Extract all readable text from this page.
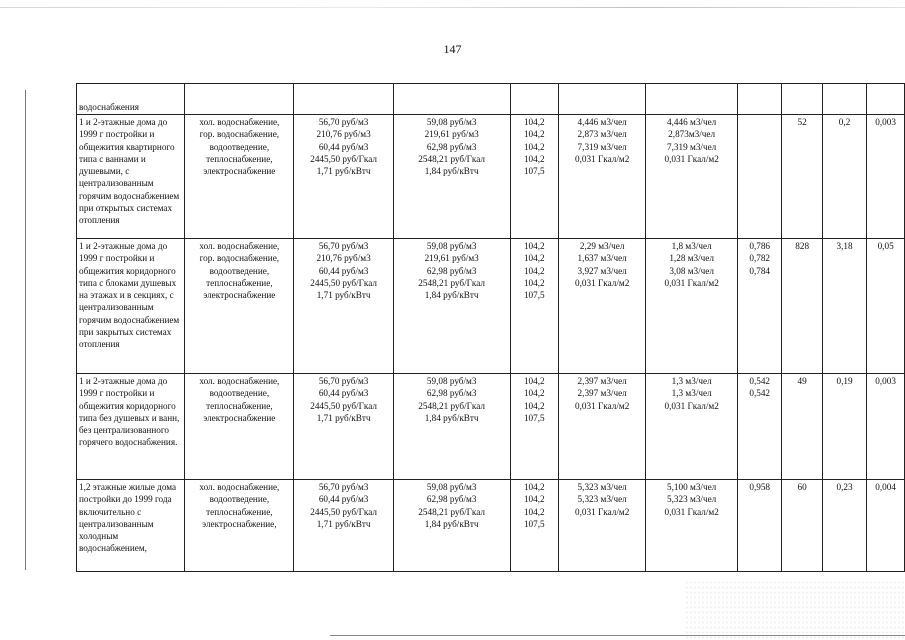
147
водоснабжения										
1 и 2-этажные дома до 1999 г постройки и общежития квартирного типа с ваннами и душевыми, с централизованным горячим водоснабжением при открытых системах отопления	хол. водоснабжение,
гор. водоснабжение,
водоотведение,
теплоснабжение,
электроснабжение	56,70 руб/м3
210,76 руб/м3
60,44 руб/м3
2445,50 руб/Гкал
1,71 руб/кВтч	59,08 руб/м3
219,61 руб/м3
62,98 руб/м3
2548,21 руб/Гкал
1,84 руб/кВтч	104,2
104,2
104,2
104,2
107,5	4,446 м3/чел
2,873 м3/чел
7,319 м3/чел
0,031 Гкал/м2	4,446 м3/чел
2,873м3/чел
7,319 м3/чел
0,031 Гкал/м2		52	0,2	0,003
1 и 2-этажные дома до 1999 г постройки и общежития коридорного типа с блоками душевых на этажах и в секциях, с централизованным горячим водоснабжением при закрытых системах отопления	хол. водоснабжение,
гор. водоснабжение,
водоотведение,
теплоснабжение,
электроснабжение	56,70 руб/м3
210,76 руб/м3
60,44 руб/м3
2445,50 руб/Гкал
1,71 руб/кВтч	59,08 руб/м3
219,61 руб/м3
62,98 руб/м3
2548,21 руб/Гкал
1,84 руб/кВтч	104,2
104,2
104,2
104,2
107,5	2,29 м3/чел
1,637 м3/чел
3,927 м3/чел
0,031 Гкал/м2	1,8 м3/чел
1,28 м3/чел
3,08 м3/чел
0,031 Гкал/м2	0,786
0,782
0,784	828	3,18	0,05
1 и 2-этажные дома до 1999 г постройки и общежития коридорного типа без душевых и ванн, без централизованного горячего водоснабжения.	хол. водоснабжение,
водоотведение,
теплоснабжение,
электроснабжение	56,70 руб/м3
60,44 руб/м3
2445,50 руб/Гкал
1,71 руб/кВтч	59,08 руб/м3
62,98 руб/м3
2548,21 руб/Гкал
1,84 руб/кВтч	104,2
104,2
104,2
107,5	2,397 м3/чел
2,397 м3/чел
0,031 Гкал/м2	1,3 м3/чел
1,3 м3/чел
0,031 Гкал/м2	0,542
0,542	49	0,19	0,003
1,2 этажные жилые дома постройки до 1999 года включительно с централизованным холодным водоснабжением,	хол. водоснабжение,
водоотведение,
теплоснабжение,
электроснабжение,	56,70 руб/м3
60,44 руб/м3
2445,50 руб/Гкал
1,71 руб/кВтч	59,08 руб/м3
62,98 руб/м3
2548,21 руб/Гкал
1,84 руб/кВтч	104,2
104,2
104,2
107,5	5,323 м3/чел
5,323 м3/чел
0,031 Гкал/м2	5,100 м3/чел
5,323 м3/чел
0,031 Гкал/м2	0,958	60	0,23	0,004
